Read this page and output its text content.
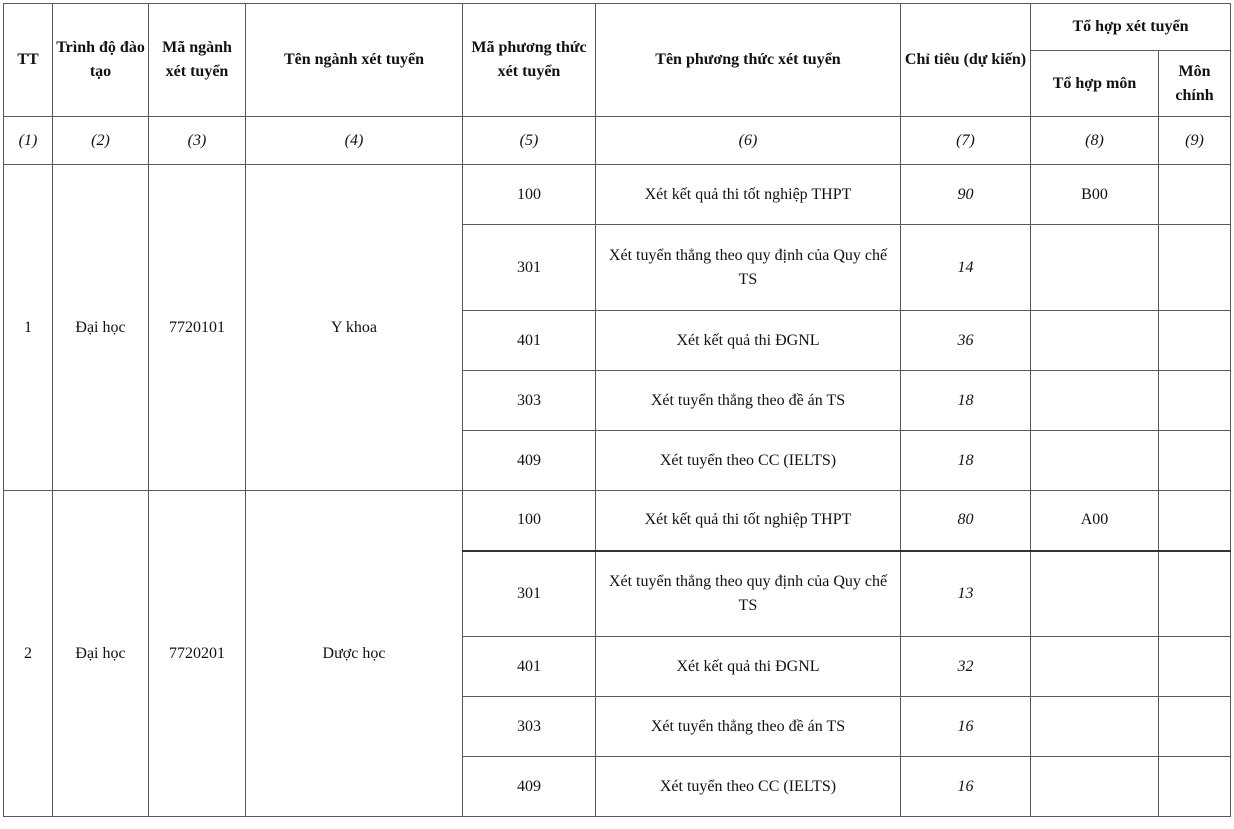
TT	Trình độ đào tạo	Mã ngành xét tuyển	Tên ngành xét tuyển	Mã phương thức xét tuyển	Tên phương thức xét tuyển	Chỉ tiêu (dự kiến)	Tổ hợp xét tuyển	
							Tổ hợp môn	Môn chính
(1)	(2)	(3)	(4)	(5)	(6)	(7)	(8)	(9)
1	Đại học	7720101	Y khoa	100	Xét kết quả thi tốt nghiệp THPT	90	B00	
				301	Xét tuyển thẳng theo quy định của Quy chế TS	14		
				401	Xét kết quả thi ĐGNL	36		
				303	Xét tuyển thẳng theo đề án TS	18		
				409	Xét tuyển theo CC (IELTS)	18		
2	Đại học	7720201	Dược học	100	Xét kết quả thi tốt nghiệp THPT	80	A00	
				301	Xét tuyển thẳng theo quy định của Quy chế TS	13		
				401	Xét kết quả thi ĐGNL	32		
				303	Xét tuyển thẳng theo đề án TS	16		
				409	Xét tuyển theo CC (IELTS)	16		
